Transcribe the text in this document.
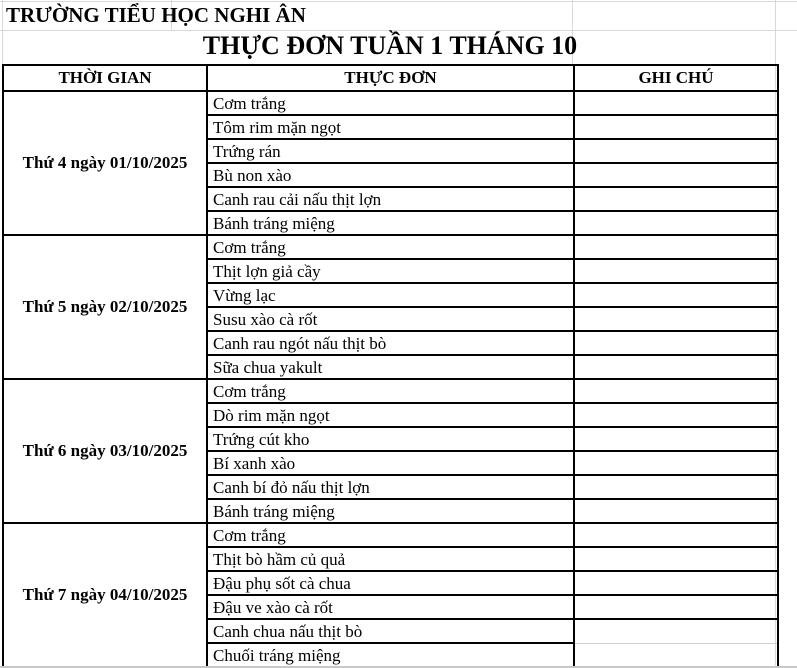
TRƯỜNG TIỂU HỌC NGHI ÂN
THỰC ĐƠN TUẦN 1 THÁNG 10
THỜI GIAN	THỰC ĐƠN	GHI CHÚ
Thứ 4 ngày 01/10/2025	Cơm trắng	
	Tôm rim mặn ngọt	
	Trứng rán	
	Bù non xào	
	Canh rau cải nấu thịt lợn	
	Bánh tráng miệng	
Thứ 5 ngày 02/10/2025	Cơm trắng	
	Thịt lợn giả cầy	
	Vừng lạc	
	Susu xào cà rốt	
	Canh rau ngót nấu thịt bò	
	Sữa chua yakult	
Thứ 6 ngày 03/10/2025	Cơm trắng	
	Dò rim mặn ngọt	
	Trứng cút kho	
	Bí xanh xào	
	Canh bí đỏ nấu thịt lợn	
	Bánh tráng miệng	
Thứ 7 ngày 04/10/2025	Cơm trắng	
	Thịt bò hầm củ quả	
	Đậu phụ sốt cà chua	
	Đậu ve xào cà rốt	
	Canh chua nấu thịt bò	
	Chuối tráng miệng	
